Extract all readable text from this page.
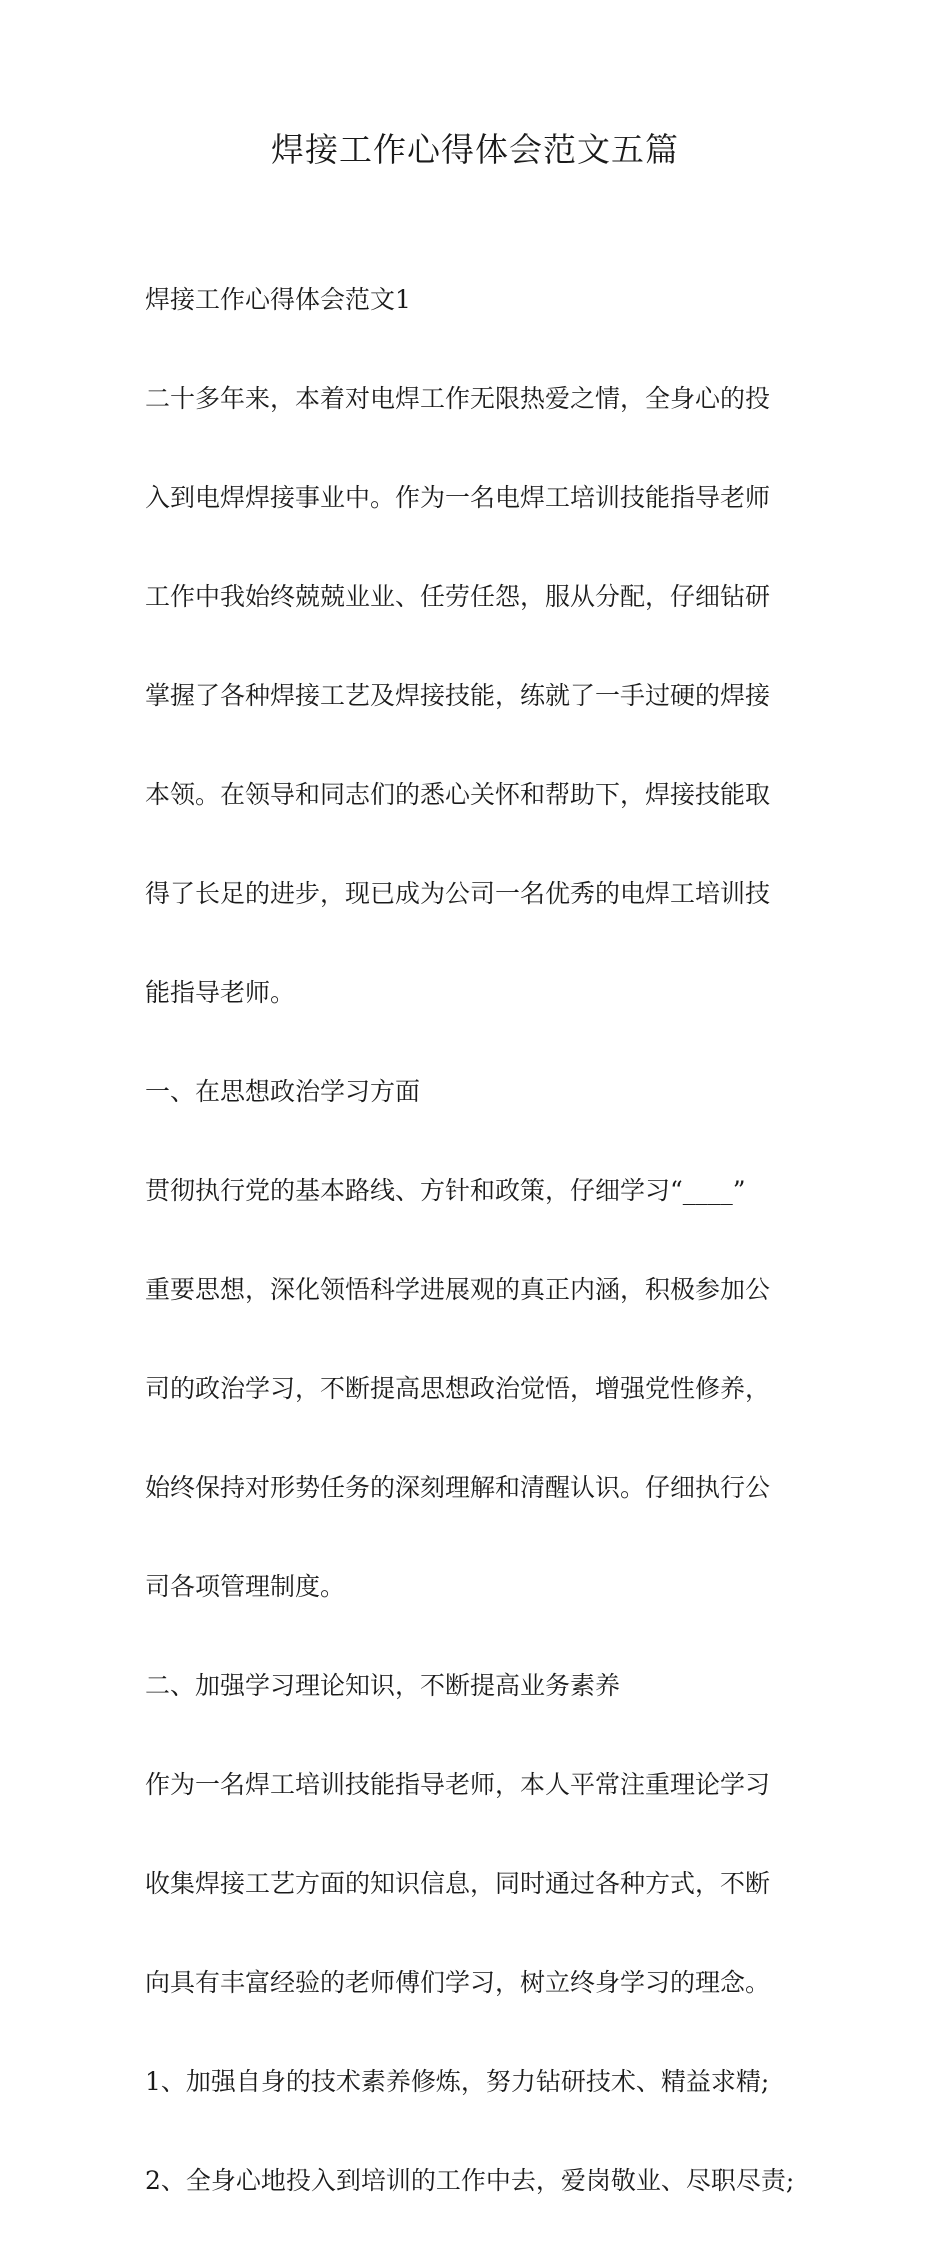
焊接工作心得体会范文五篇

焊接工作心得体会范文1

二十多年来，本着对电焊工作无限热爱之情，全身心的投

入到电焊焊接事业中。作为一名电焊工培训技能指导老师

工作中我始终兢兢业业、任劳任怨，服从分配，仔细钻研

掌握了各种焊接工艺及焊接技能，练就了一手过硬的焊接

本领。在领导和同志们的悉心关怀和帮助下，焊接技能取

得了长足的进步，现已成为公司一名优秀的电焊工培训技

能指导老师。

一、在思想政治学习方面

贯彻执行党的基本路线、方针和政策，仔细学习“____”

重要思想，深化领悟科学进展观的真正内涵，积极参加公

司的政治学习，不断提高思想政治觉悟，增强党性修养，

始终保持对形势任务的深刻理解和清醒认识。仔细执行公

司各项管理制度。

二、加强学习理论知识，不断提高业务素养

作为一名焊工培训技能指导老师，本人平常注重理论学习

收集焊接工艺方面的知识信息，同时通过各种方式，不断

向具有丰富经验的老师傅们学习，树立终身学习的理念。

1、加强自身的技术素养修炼，努力钻研技术、精益求精;

2、全身心地投入到培训的工作中去，爱岗敬业、尽职尽责;
